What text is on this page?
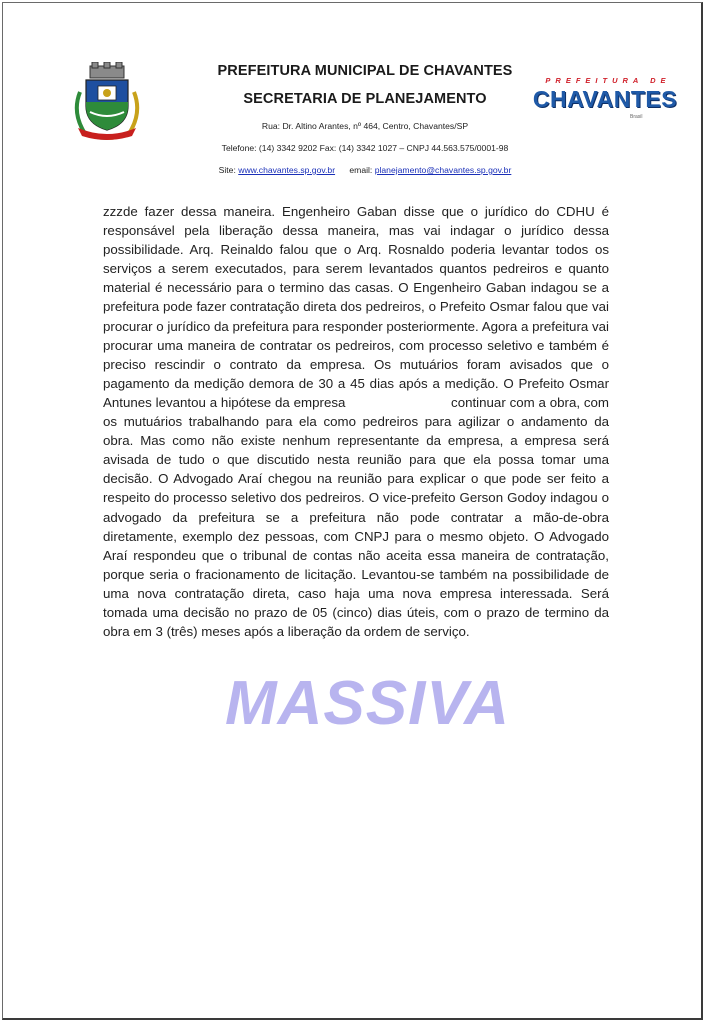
PREFEITURA MUNICIPAL DE CHAVANTES
SECRETARIA DE PLANEJAMENTO
Rua: Dr. Altino Arantes, nº 464, Centro, Chavantes/SP
Telefone: (14) 3342 9202 Fax: (14) 3342 1027 – CNPJ 44.563.575/0001-98
Site: www.chavantes.sp.gov.br email: planejamento@chavantes.sp.gov.br
PREFEITURA DE
CHAVANTES
Brasil
zzzde fazer dessa maneira. Engenheiro Gaban disse que o jurídico do CDHU é responsável pela liberação dessa maneira, mas vai indagar o jurídico dessa possibilidade. Arq. Reinaldo falou que o Arq. Rosnaldo poderia levantar todos os serviços a serem executados, para serem levantados quantos pedreiros e quanto material é necessário para o termino das casas. O Engenheiro Gaban indagou se a prefeitura pode fazer contratação direta dos pedreiros, o Prefeito Osmar falou que vai procurar o jurídico da prefeitura para responder posteriormente. Agora a prefeitura vai procurar uma maneira de contratar os pedreiros, com processo seletivo e também é preciso rescindir o contrato da empresa. Os mutuários foram avisados que o pagamento da medição demora de 30 a 45 dias após a medição. O Prefeito Osmar Antunes levantou a hipótese da empresa	continuar com a obra, com os mutuários trabalhando para ela como pedreiros para agilizar o andamento da obra. Mas como não existe nenhum representante da empresa, a empresa será avisada de tudo o que discutido nesta reunião para que ela possa tomar uma decisão. O Advogado Araí chegou na reunião para explicar o que pode ser feito a respeito do processo seletivo dos pedreiros. O vice-prefeito Gerson Godoy indagou o advogado da prefeitura se a prefeitura não pode contratar a mão-de-obra diretamente, exemplo dez pessoas, com CNPJ para o mesmo objeto. O Advogado Araí respondeu que o tribunal de contas não aceita essa maneira de contratação, porque seria o fracionamento de licitação. Levantou-se também na possibilidade de uma nova contratação direta, caso haja uma nova empresa interessada. Será tomada uma decisão no prazo de 05 (cinco) dias úteis, com o prazo de termino da obra em 3 (três) meses após a liberação da ordem de serviço.
MASSIVA
